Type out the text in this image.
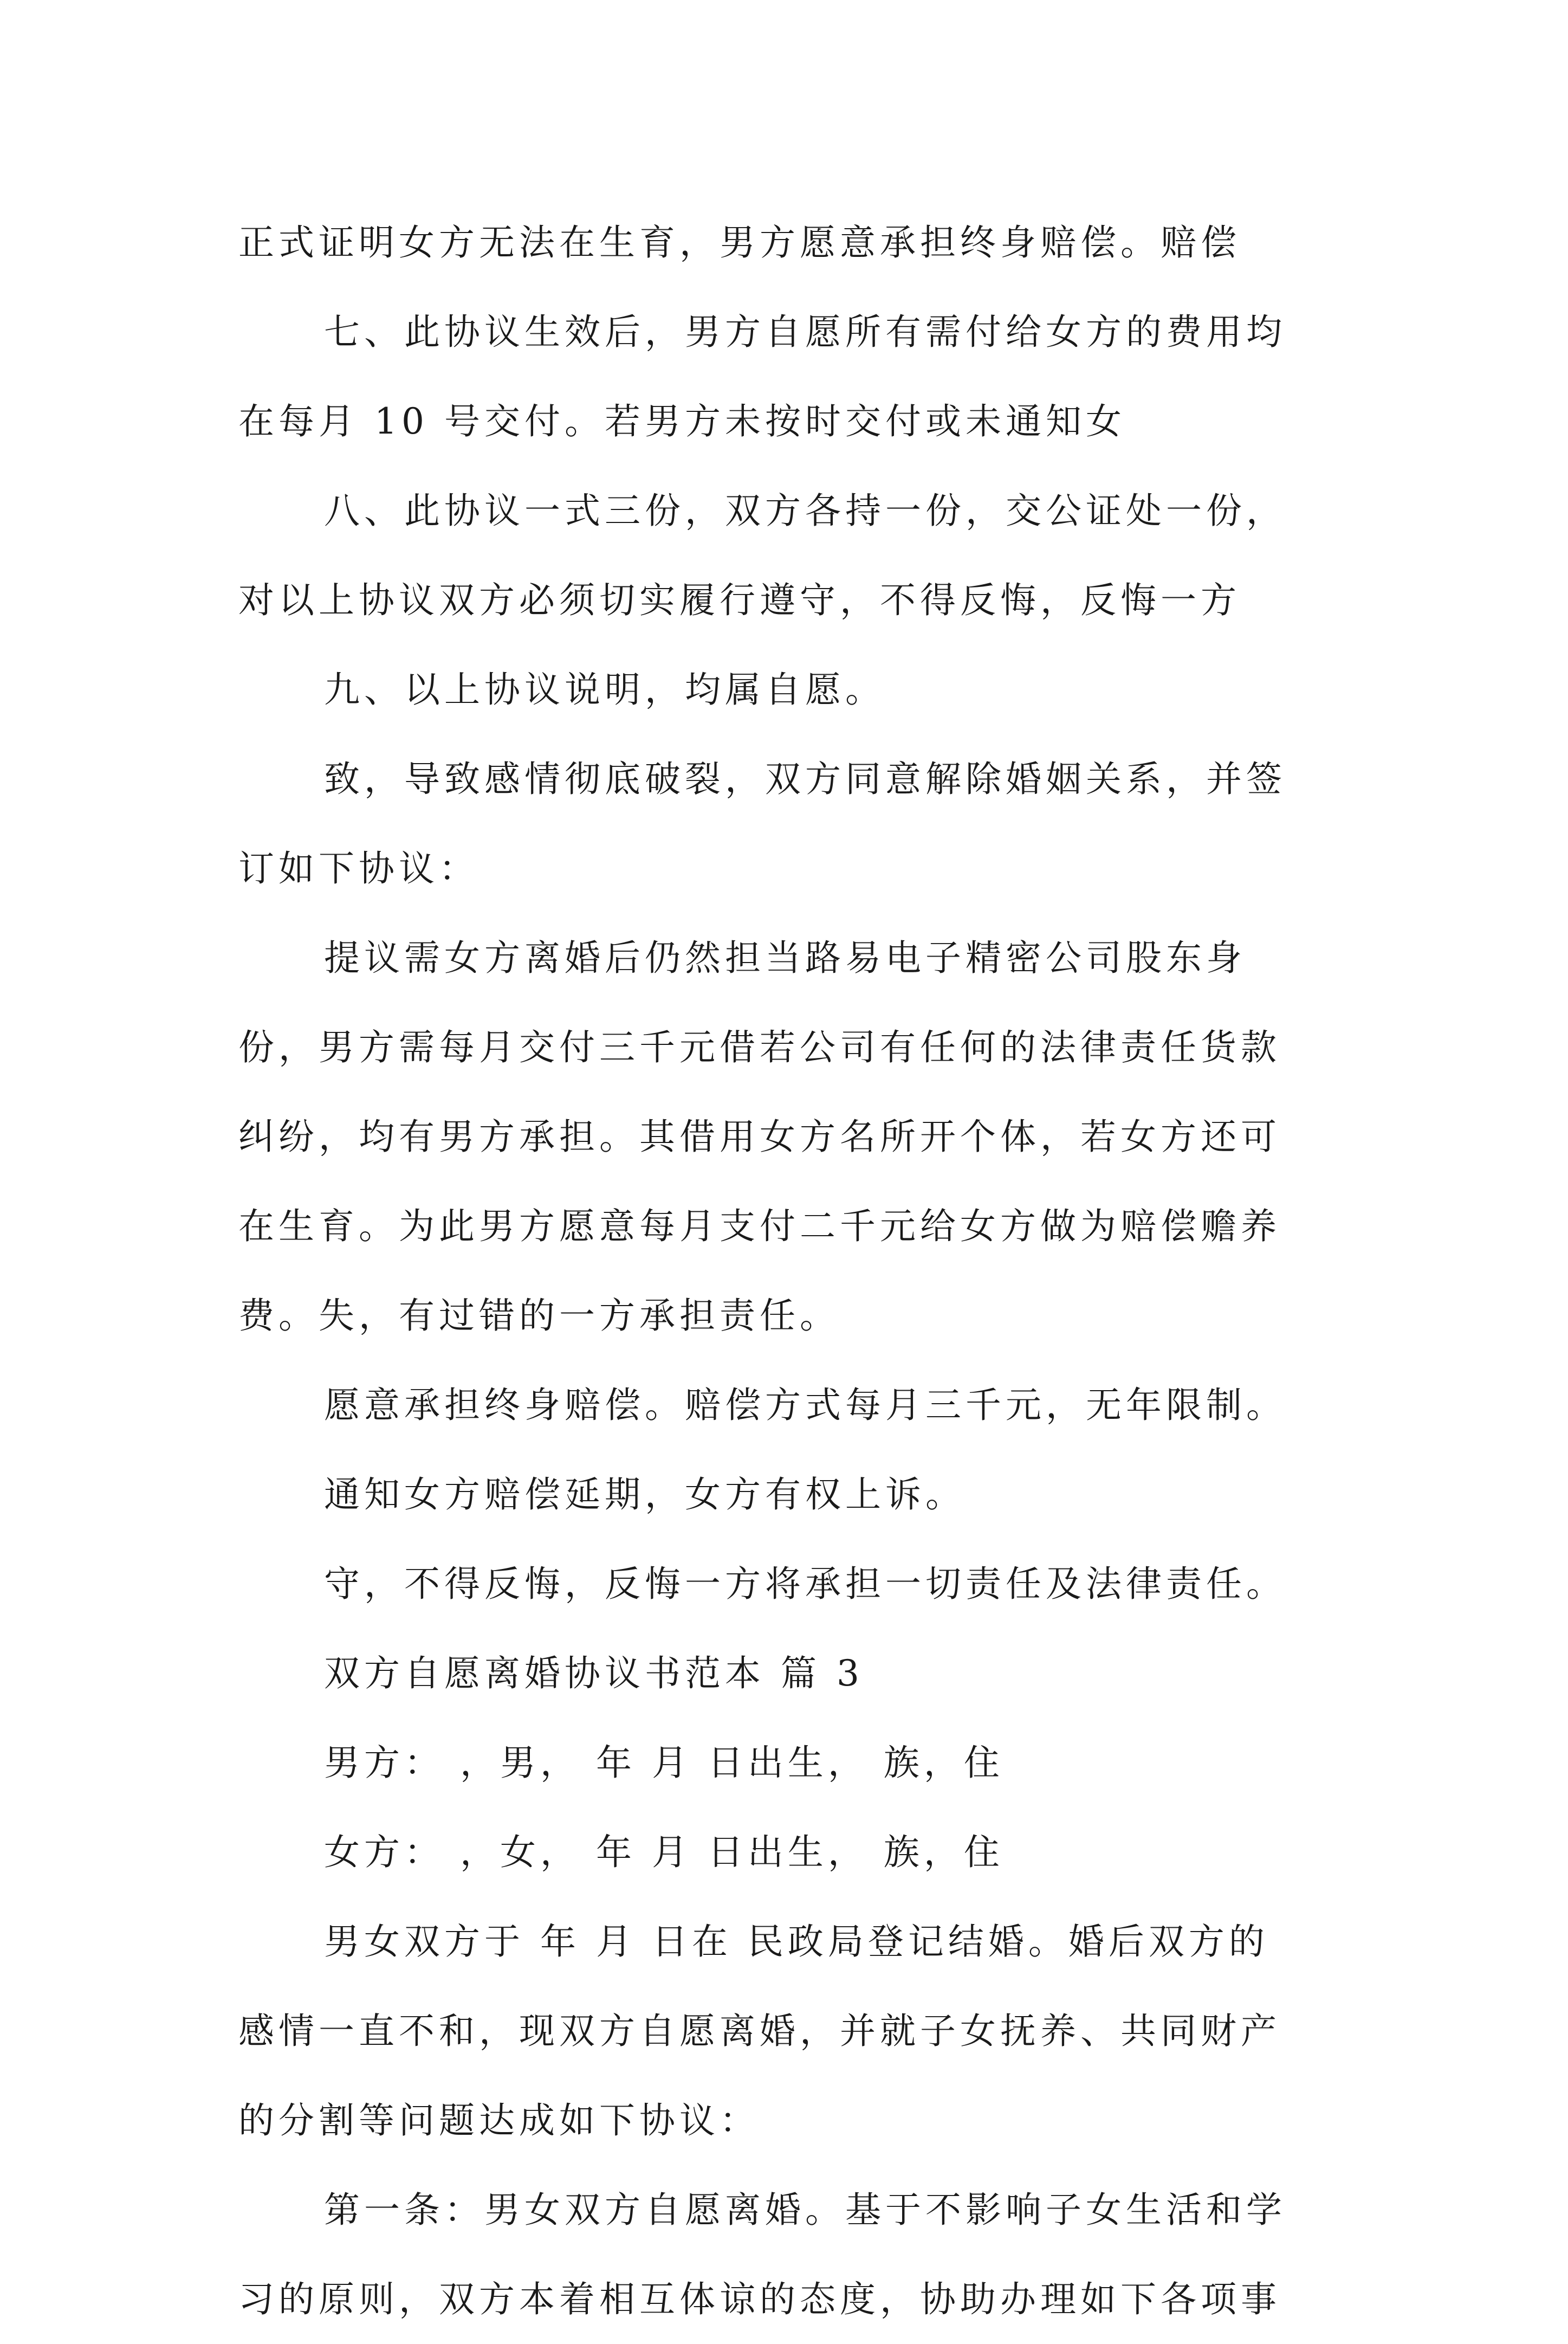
正式证明女方无法在生育，男方愿意承担终身赔偿。赔偿
七、此协议生效后，男方自愿所有需付给女方的费用均
在每月 10 号交付。若男方未按时交付或未通知女
八、此协议一式三份，双方各持一份，交公证处一份，
对以上协议双方必须切实履行遵守，不得反悔，反悔一方
九、以上协议说明，均属自愿。
致，导致感情彻底破裂，双方同意解除婚姻关系，并签
订如下协议：
提议需女方离婚后仍然担当路易电子精密公司股东身
份，男方需每月交付三千元借若公司有任何的法律责任货款
纠纷，均有男方承担。其借用女方名所开个体，若女方还可
在生育。为此男方愿意每月支付二千元给女方做为赔偿赡养
费。失，有过错的一方承担责任。
愿意承担终身赔偿。赔偿方式每月三千元，无年限制。
通知女方赔偿延期，女方有权上诉。
守，不得反悔，反悔一方将承担一切责任及法律责任。
双方自愿离婚协议书范本 篇 3
男方： ，男， 年 月 日出生， 族，住
女方： ，女， 年 月 日出生， 族，住
男女双方于 年 月 日在 民政局登记结婚。婚后双方的
感情一直不和，现双方自愿离婚，并就子女抚养、共同财产
的分割等问题达成如下协议：
第一条：男女双方自愿离婚。基于不影响子女生活和学
习的原则，双方本着相互体谅的态度，协助办理如下各项事
